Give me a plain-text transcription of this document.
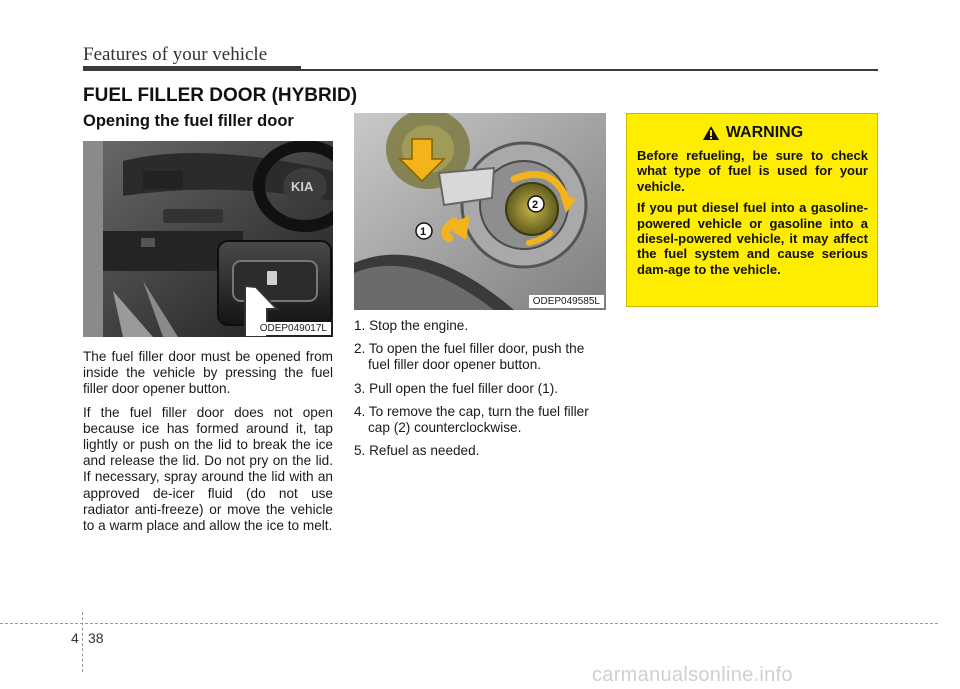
Features of your vehicle
FUEL FILLER DOOR (HYBRID)
Opening the fuel filler door
KIA
ODEP049017L

The fuel filler door must be opened from inside the vehicle by pressing the fuel filler door opener button.

If the fuel filler door does not open because ice has formed around it, tap lightly or push on the lid to break the ice and release the lid. Do not pry on the lid. If necessary, spray around the lid with an approved de-icer fluid (do not use radiator anti-freeze) or move the vehicle to a warm place and allow the ice to melt.

1
2
ODEP049585L
1. Stop the engine.
2. To open the fuel filler door, push the fuel filler door opener button.
3. Pull open the fuel filler door (1).
4. To remove the cap, turn the fuel filler cap (2) counterclockwise.
5. Refuel as needed.
WARNING

Before refueling, be sure to check what type of fuel is used for your vehicle.

If you put diesel fuel into a gasoline-powered vehicle or gasoline into a diesel-powered vehicle, it may affect the fuel system and cause serious dam-age to the vehicle.

4 38
carmanualsonline.info
